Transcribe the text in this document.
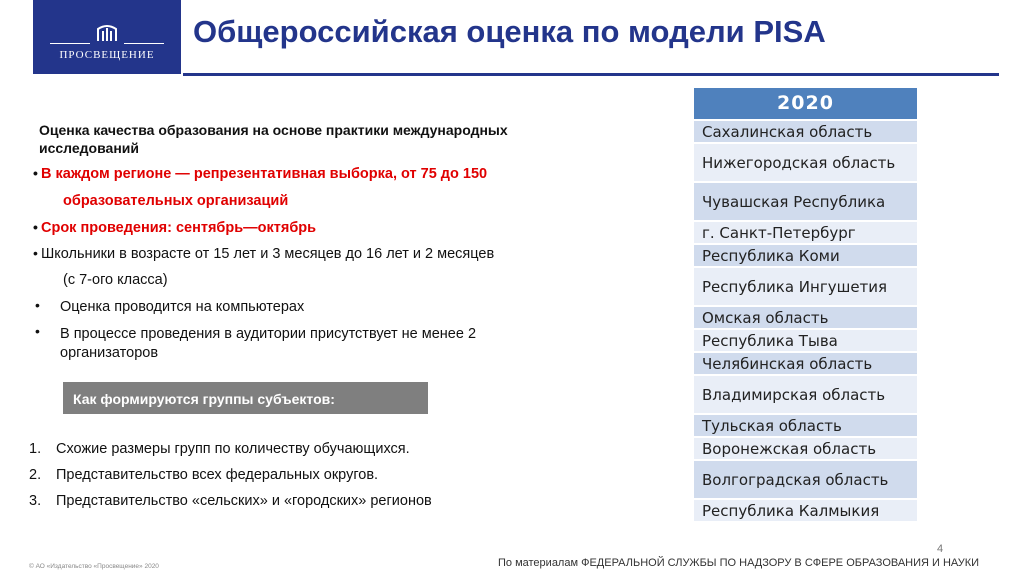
ПРОСВЕЩЕНИЕ
Общероссийская оценка по модели PISA
Оценка качества образования на основе практики международных исследований
• В каждом регионе — репрезентативная выборка, от 75 до 150
образовательных организаций
• Срок проведения: сентябрь—октябрь
• Школьники в возрасте от 15 лет и 3 месяцев до 16 лет и 2 месяцев
(с 7-ого класса)
• Оценка проводится на компьютерах
• В процессе проведения в аудитории присутствует не менее 2
организаторов
Как формируются группы субъектов:
1. Схожие размеры групп по количеству обучающихся.
2. Представительство всех федеральных округов.
3. Представительство «сельских» и «городских» регионов
2020
Сахалинская область
Нижегородская область
Чувашская Республика
г. Санкт-Петербург
Республика Коми
Республика Ингушетия
Омская область
Республика Тыва
Челябинская область
Владимирская область
Тульская область
Воронежская область
Волгоградская область
Республика Калмыкия
4
© АО «Издательство «Просвещение» 2020	По материалам ФЕДЕРАЛЬНОЙ СЛУЖБЫ ПО НАДЗОРУ В СФЕРЕ ОБРАЗОВАНИЯ И НАУКИ
